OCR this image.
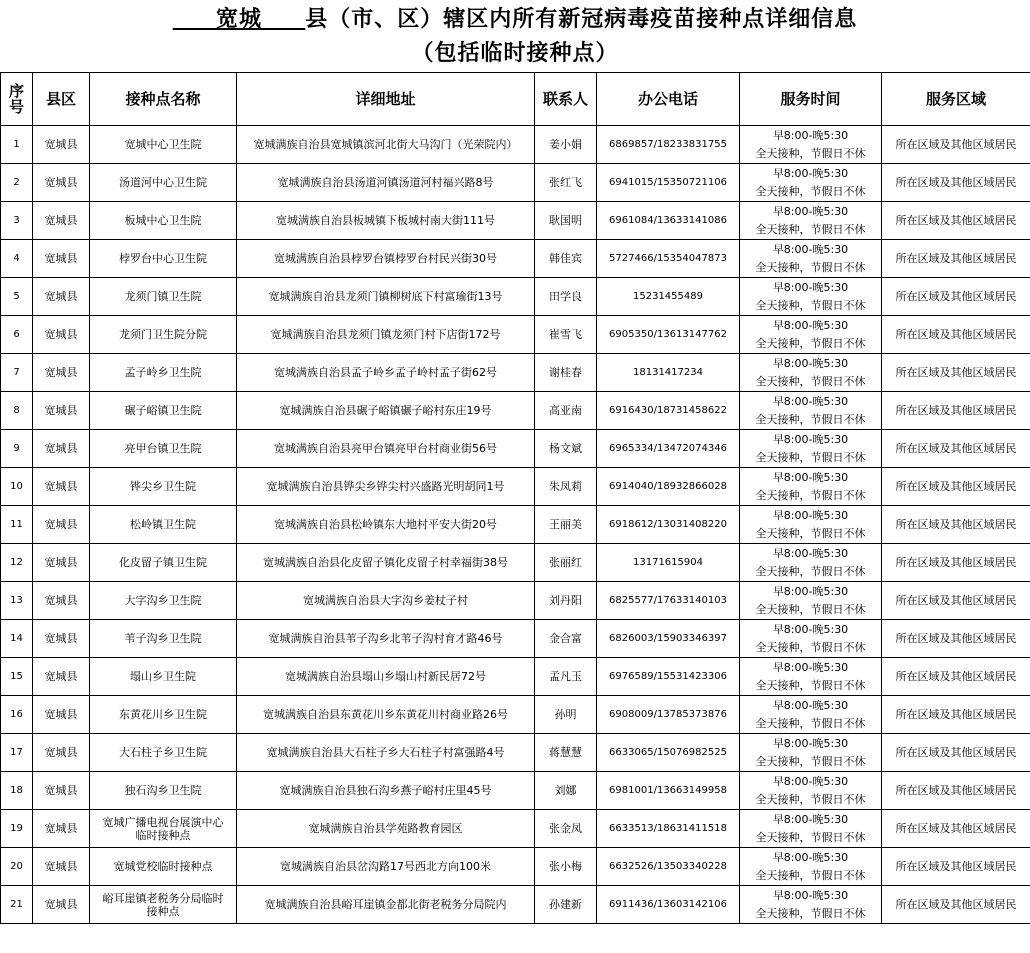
宽城 县（市、区）辖区内所有新冠病毒疫苗接种点详细信息
（包括临时接种点）
序
号	县区	接种点名称	详细地址	联系人	办公电话	服务时间	服务区域
1	宽城县	宽城中心卫生院	宽城满族自治县宽城镇滨河北街大马沟门（光荣院内）	姜小娟	6869857/18233831755	早8:00-晚5:30
全天接种，节假日不休	所在区域及其他区域居民
2	宽城县	汤道河中心卫生院	宽城满族自治县汤道河镇汤道河村福兴路8号	张红飞	6941015/15350721106	早8:00-晚5:30
全天接种，节假日不休	所在区域及其他区域居民
3	宽城县	板城中心卫生院	宽城满族自治县板城镇下板城村南大街111号	耿国明	6961084/13633141086	早8:00-晚5:30
全天接种，节假日不休	所在区域及其他区域居民
4	宽城县	桲罗台中心卫生院	宽城满族自治县桲罗台镇桲罗台村民兴街30号	韩佳宾	5727466/15354047873	早8:00-晚5:30
全天接种，节假日不休	所在区域及其他区域居民
5	宽城县	龙须门镇卫生院	宽城满族自治县龙须门镇柳树底下村富瑜街13号	田学良	15231455489	早8:00-晚5:30
全天接种，节假日不休	所在区域及其他区域居民
6	宽城县	龙须门卫生院分院	宽城满族自治县龙须门镇龙须门村下店街172号	崔雪飞	6905350/13613147762	早8:00-晚5:30
全天接种，节假日不休	所在区域及其他区域居民
7	宽城县	孟子岭乡卫生院	宽城满族自治县孟子岭乡孟子岭村孟子街62号	谢桂春	18131417234	早8:00-晚5:30
全天接种，节假日不休	所在区域及其他区域居民
8	宽城县	碾子峪镇卫生院	宽城满族自治县碾子峪镇碾子峪村东庄19号	高亚南	6916430/18731458622	早8:00-晚5:30
全天接种，节假日不休	所在区域及其他区域居民
9	宽城县	亮甲台镇卫生院	宽城满族自治县亮甲台镇亮甲台村商业街56号	杨文斌	6965334/13472074346	早8:00-晚5:30
全天接种，节假日不休	所在区域及其他区域居民
10	宽城县	铧尖乡卫生院	宽城满族自治县铧尖乡铧尖村兴盛路光明胡同1号	朱凤莉	6914040/18932866028	早8:00-晚5:30
全天接种，节假日不休	所在区域及其他区域居民
11	宽城县	松岭镇卫生院	宽城满族自治县松岭镇东大地村平安大街20号	王丽美	6918612/13031408220	早8:00-晚5:30
全天接种，节假日不休	所在区域及其他区域居民
12	宽城县	化皮留子镇卫生院	宽城满族自治县化皮留子镇化皮留子村幸福街38号	张丽红	13171615904	早8:00-晚5:30
全天接种，节假日不休	所在区域及其他区域居民
13	宽城县	大字沟乡卫生院	宽城满族自治县大字沟乡姜杖子村	刘丹阳	6825577/17633140103	早8:00-晚5:30
全天接种，节假日不休	所在区域及其他区域居民
14	宽城县	苇子沟乡卫生院	宽城满族自治县苇子沟乡北苇子沟村育才路46号	金合富	6826003/15903346397	早8:00-晚5:30
全天接种，节假日不休	所在区域及其他区域居民
15	宽城县	塌山乡卫生院	宽城满族自治县塌山乡塌山村新民居72号	孟凡玉	6976589/15531423306	早8:00-晚5:30
全天接种，节假日不休	所在区域及其他区域居民
16	宽城县	东黄花川乡卫生院	宽城满族自治县东黄花川乡东黄花川村商业路26号	孙明	6908009/13785373876	早8:00-晚5:30
全天接种，节假日不休	所在区域及其他区域居民
17	宽城县	大石柱子乡卫生院	宽城满族自治县大石柱子乡大石柱子村富强路4号	蒋慧慧	6633065/15076982525	早8:00-晚5:30
全天接种，节假日不休	所在区域及其他区域居民
18	宽城县	独石沟乡卫生院	宽城满族自治县独石沟乡燕子峪村庄里45号	刘娜	6981001/13663149958	早8:00-晚5:30
全天接种，节假日不休	所在区域及其他区域居民
19	宽城县	宽城广播电视台展演中心
临时接种点	宽城满族自治县学苑路教育园区	张金凤	6633513/18631411518	早8:00-晚5:30
全天接种，节假日不休	所在区域及其他区域居民
20	宽城县	宽城党校临时接种点	宽城满族自治县岔沟路17号西北方向100米	张小梅	6632526/13503340228	早8:00-晚5:30
全天接种，节假日不休	所在区域及其他区域居民
21	宽城县	峪耳崖镇老税务分局临时
接种点	宽城满族自治县峪耳崖镇金都北街老税务分局院内	孙建新	6911436/13603142106	早8:00-晚5:30
全天接种，节假日不休	所在区域及其他区域居民
